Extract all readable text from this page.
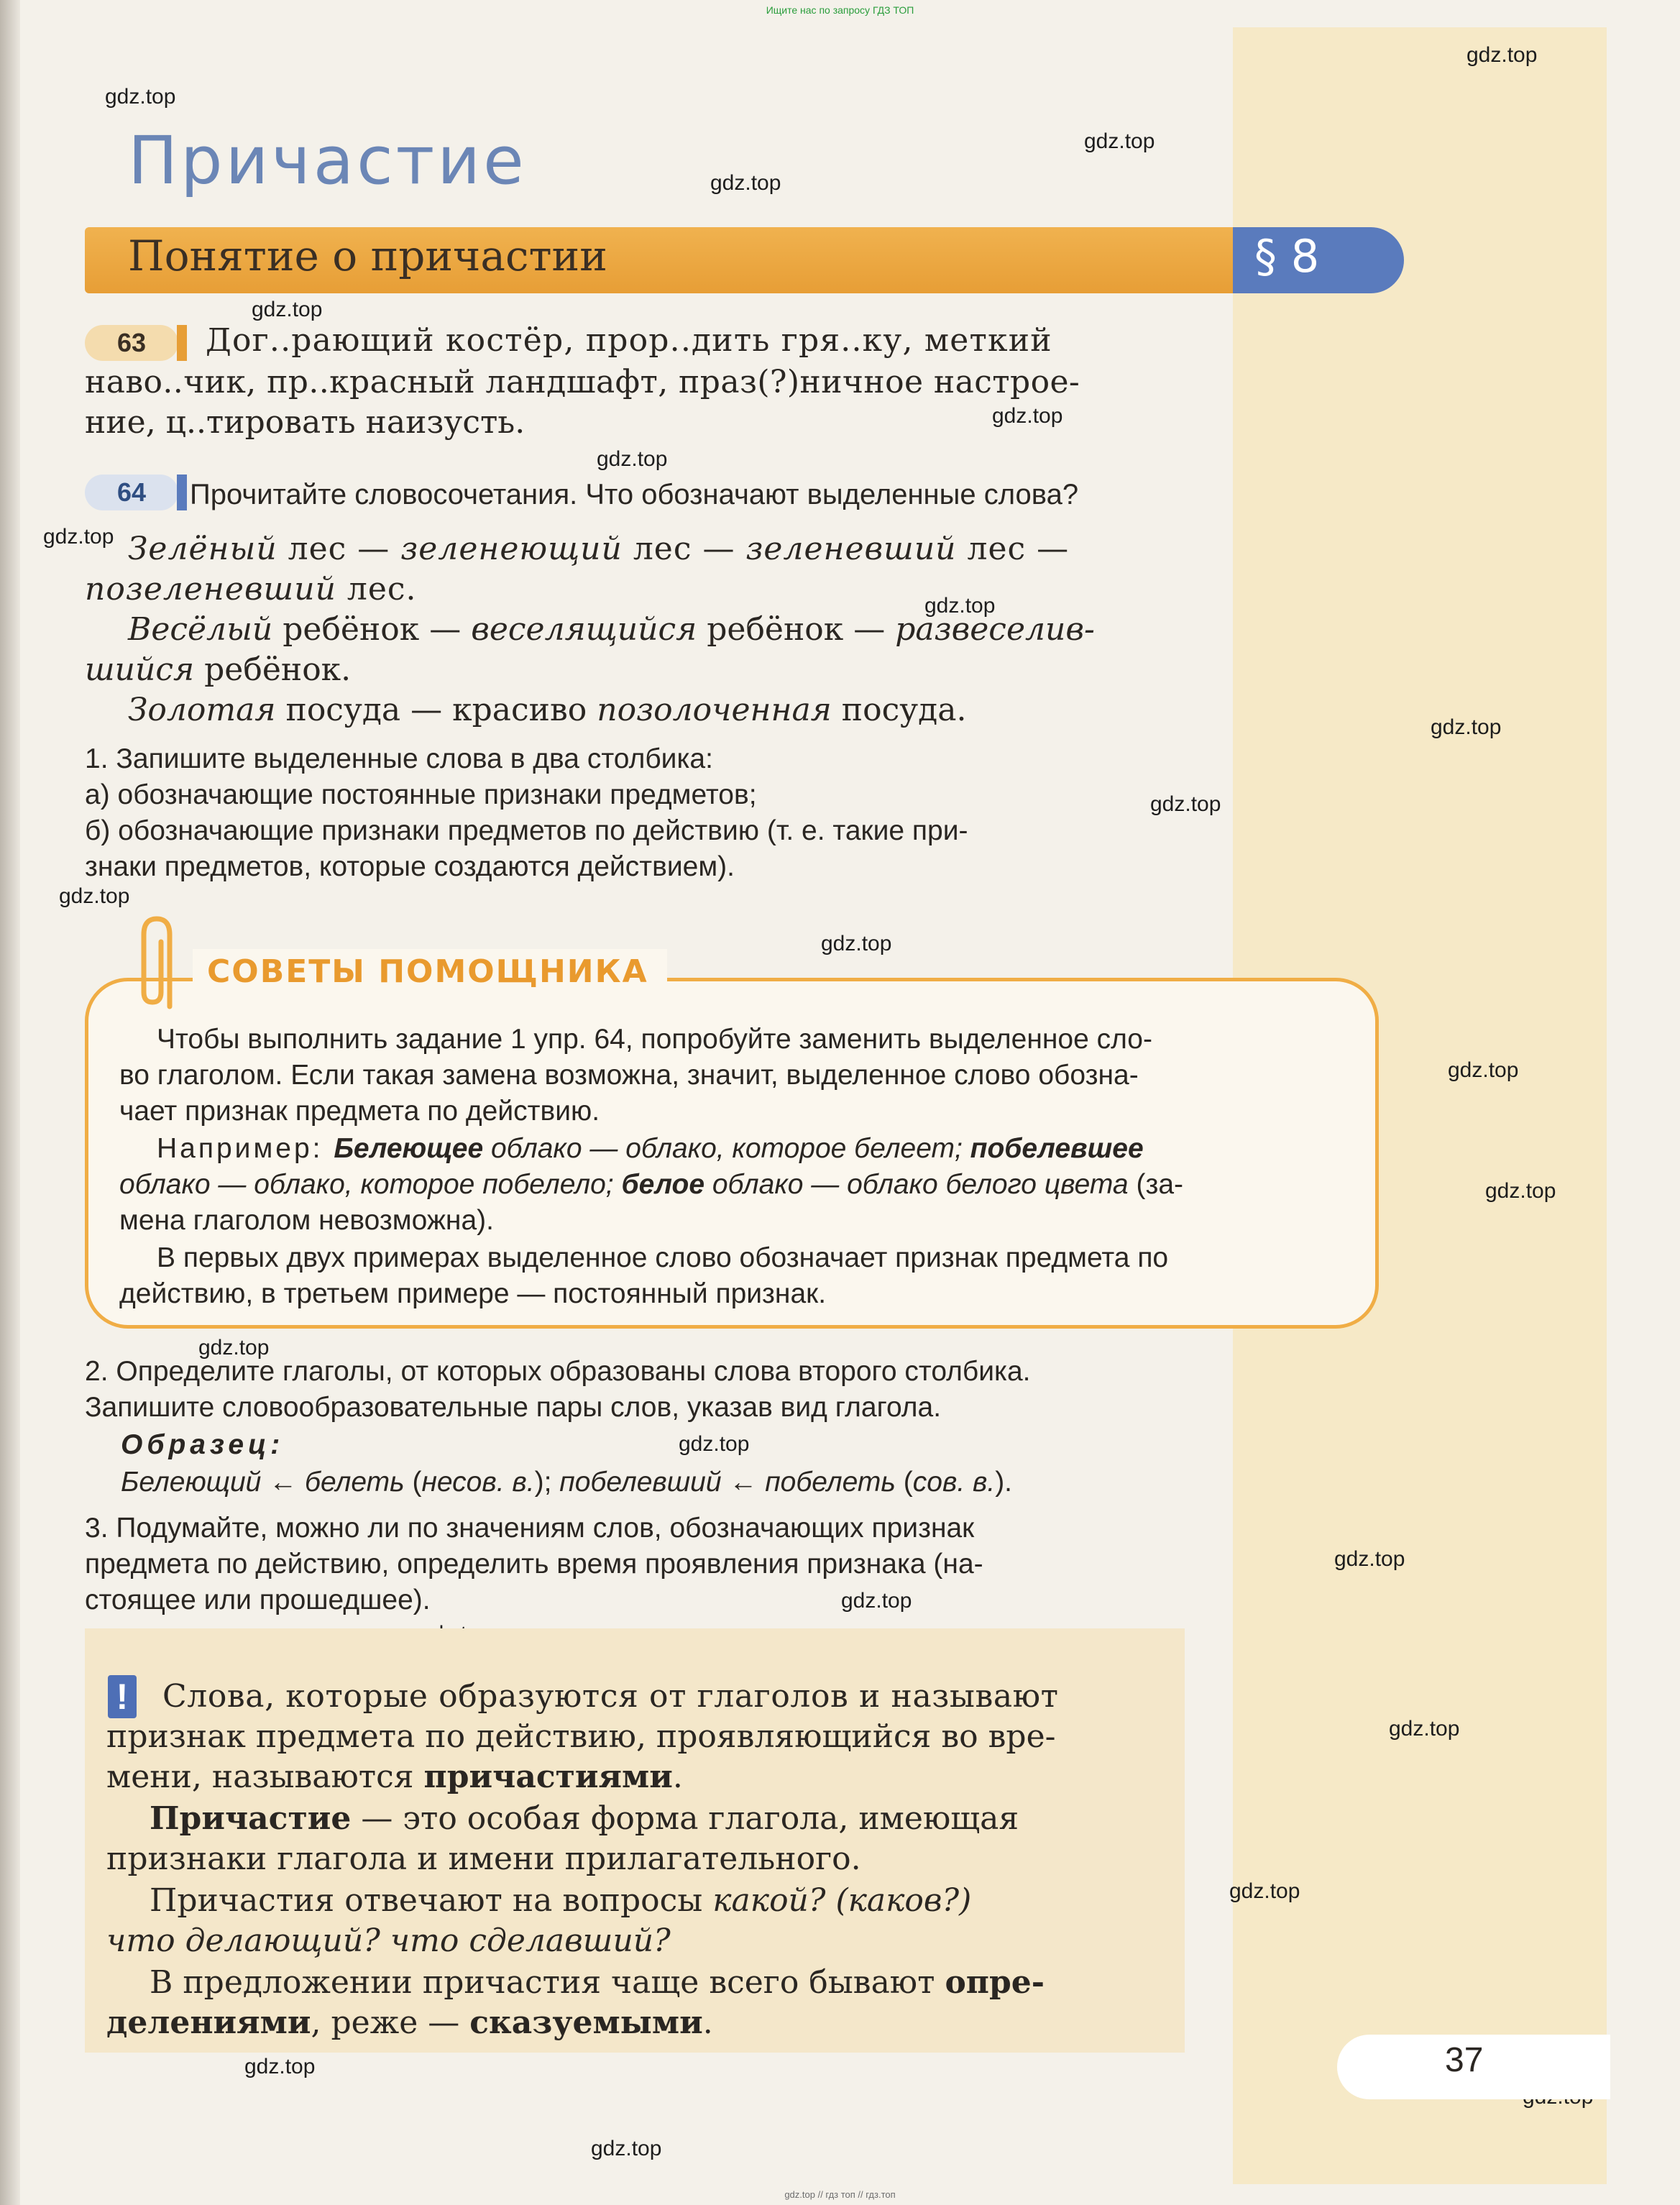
Ищите нас по запросу ГДЗ ТОП
gdz.top
gdz.top
gdz.top
gdz.top
gdz.top
gdz.top
gdz.top
gdz.top
gdz.top
gdz.top
gdz.top
gdz.top
gdz.top
gdz.top
gdz.top
gdz.top
gdz.top
gdz.top
gdz.top
gdz.top
gdz.top
gdz.top
gdz.top
Причастие
Понятие о причастии	§ 8
63	Дог..рающий костёр, прор..дить гря..ку, меткий
наво..чик, пр..красный ландшафт, праз(?)ничное настрое-
ние, ц..тировать наизусть.
64	Прочитайте словосочетания. Что обозначают выделенные слова?
Зелёный лес — зеленеющий лес — зеленевший лес —
позеленевший лес.
Весёлый ребёнок — веселящийся ребёнок — развеселив-
шийся ребёнок.
Золотая посуда — красиво позолоченная посуда.
1. Запишите выделенные слова в два столбика:
а) обозначающие постоянные признаки предметов;
б) обозначающие признаки предметов по действию (т. е. такие при-
знаки предметов, которые создаются действием).
СОВЕТЫ ПОМОЩНИКА
Чтобы выполнить задание 1 упр. 64, попробуйте заменить выделенное сло-
во глаголом. Если такая замена возможна, значит, выделенное слово обозна-
чает признак предмета по действию.
Например: Белеющее облако — облако, которое белеет; побелевшее
облако — облако, которое побелело; белое облако — облако белого цвета (за-
мена глаголом невозможна).
В первых двух примерах выделенное слово обозначает признак предмета по
действию, в третьем примере — постоянный признак.
2. Определите глаголы, от которых образованы слова второго столбика.
Запишите словообразовательные пары слов, указав вид глагола.
Образец:
Белеющий ← белеть (несов. в.); побелевший ← побелеть (сов. в.).
3. Подумайте, можно ли по значениям слов, обозначающих признак
предмета по действию, определить время проявления признака (на-
стоящее или прошедшее).
! Слова, которые образуются от глаголов и называют
признак предмета по действию, проявляющийся во вре-
мени, называются причастиями.
Причастие — это особая форма глагола, имеющая
признаки глагола и имени прилагательного.
Причастия отвечают на вопросы какой? (каков?)
что делающий? что сделавший?
В предложении причастия чаще всего бывают опре-
делениями, реже — сказуемыми.
37
gdz.top // гдз топ // гдз.топ
